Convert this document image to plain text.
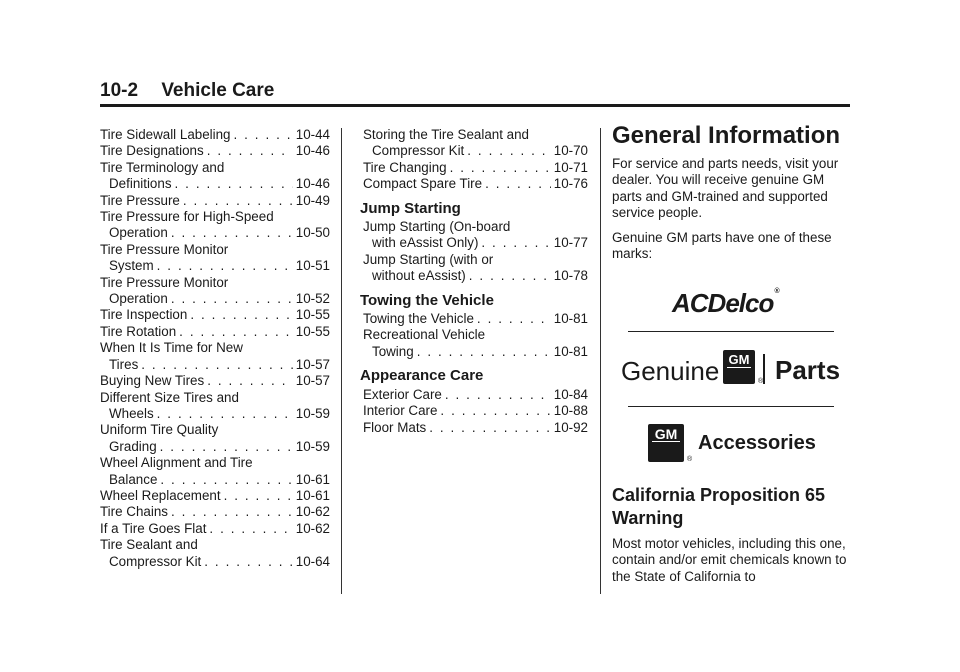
10-2 Vehicle Care
Tire Sidewall Labeling . . .	10-44
Tire Designations . . .	10-46
Tire Terminology and
Definitions . . .	10-46
Tire Pressure . . .	10-49
Tire Pressure for High-Speed
Operation . . .	10-50
Tire Pressure Monitor
System . . .	10-51
Tire Pressure Monitor
Operation . . .	10-52
Tire Inspection . . .	10-55
Tire Rotation . . .	10-55
When It Is Time for New
Tires . . .	10-57
Buying New Tires . . .	10-57
Different Size Tires and
Wheels . . .	10-59
Uniform Tire Quality
Grading . . .	10-59
Wheel Alignment and Tire
Balance . . .	10-61
Wheel Replacement . . .	10-61
Tire Chains . . .	10-62
If a Tire Goes Flat . . .	10-62
Tire Sealant and
Compressor Kit . . .	10-64
Storing the Tire Sealant and
Compressor Kit . . .	10-70
Tire Changing . . .	10-71
Compact Spare Tire . . .	10-76
Jump Starting
Jump Starting (On-board
with eAssist Only) . . .	10-77
Jump Starting (with or
without eAssist) . . .	10-78
Towing the Vehicle
Towing the Vehicle . . .	10-81
Recreational Vehicle
Towing . . .	10-81
Appearance Care
Exterior Care . . .	10-84
Interior Care . . .	10-88
Floor Mats . . .	10-92
General Information

For service and parts needs, visit your dealer. You will receive genuine GM parts and GM-trained and supported service people.

Genuine GM parts have one of these marks:

ACDelco®
Genuine GM
® Parts
GM
®
Accessories
California Proposition 65
Warning

Most motor vehicles, including this one, contain and/or emit chemicals known to the State of California to
